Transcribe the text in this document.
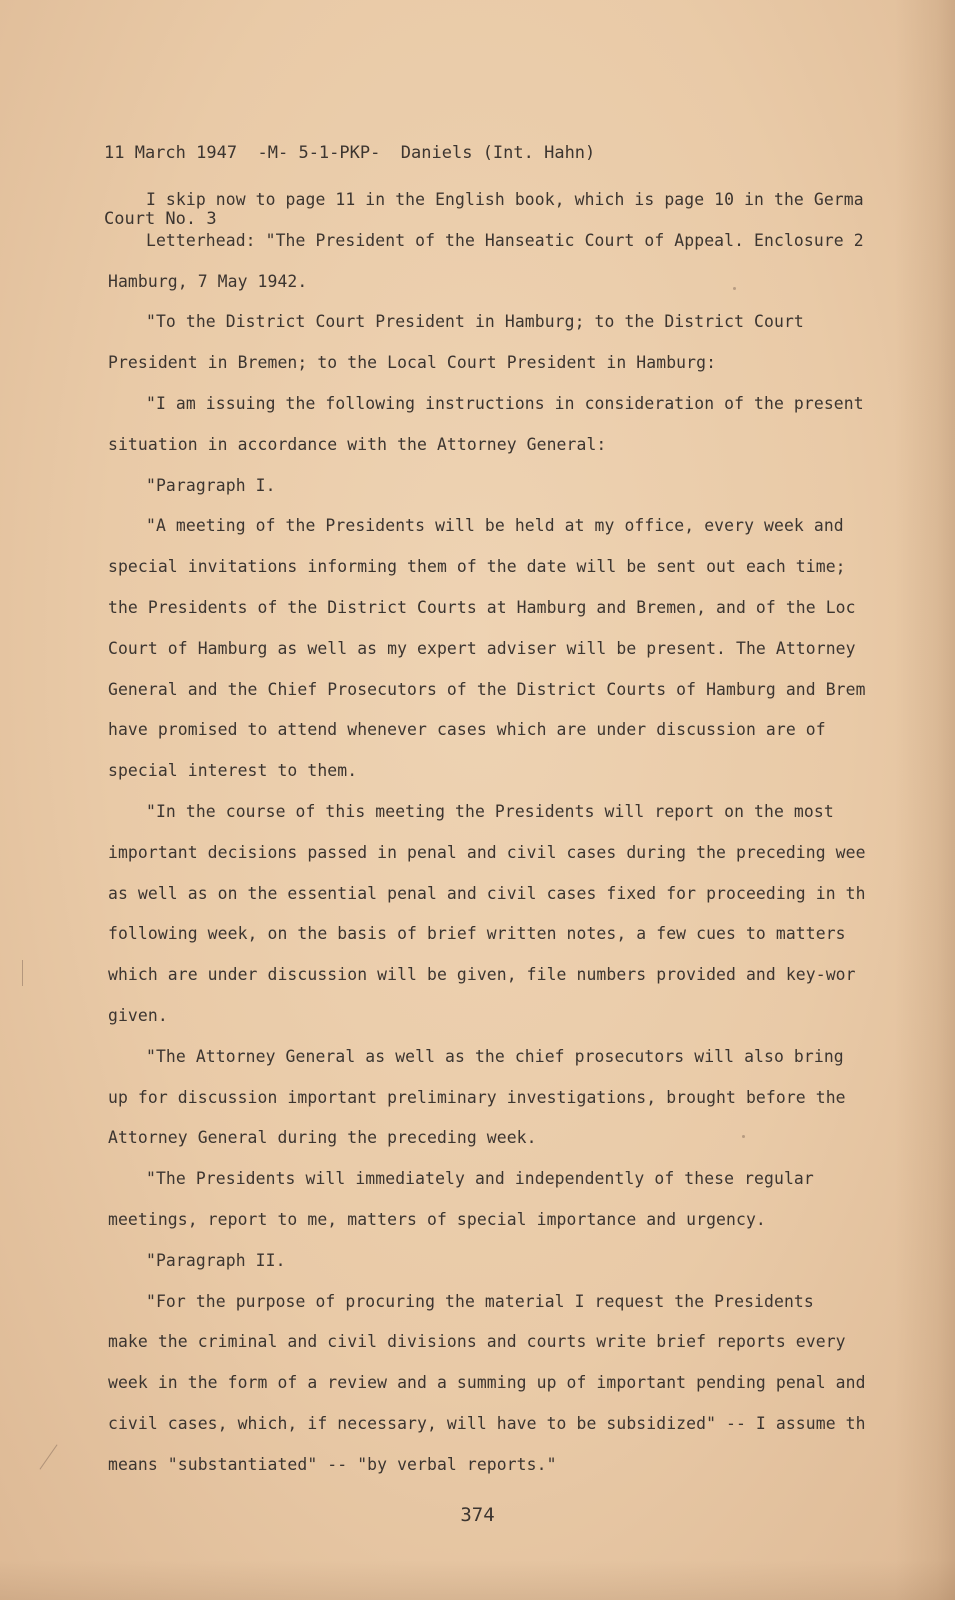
11 March 1947  -M- 5-1-PKP-  Daniels (Int. Hahn)

Court No. 3

I skip now to page 11 in the English book, which is page 10 in the Germa
Letterhead: "The President of the Hanseatic Court of Appeal. Enclosure 2
Hamburg, 7 May 1942.
"To the District Court President in Hamburg; to the District Court
President in Bremen; to the Local Court President in Hamburg:
"I am issuing the following instructions in consideration of the present
situation in accordance with the Attorney General:
"Paragraph I.
"A meeting of the Presidents will be held at my office, every week and
special invitations informing them of the date will be sent out each time;
the Presidents of the District Courts at Hamburg and Bremen, and of the Loc
Court of Hamburg as well as my expert adviser will be present. The Attorney
General and the Chief Prosecutors of the District Courts of Hamburg and Brem
have promised to attend whenever cases which are under discussion are of
special interest to them.
"In the course of this meeting the Presidents will report on the most
important decisions passed in penal and civil cases during the preceding wee
as well as on the essential penal and civil cases fixed for proceeding in th
following week, on the basis of brief written notes, a few cues to matters
which are under discussion will be given, file numbers provided and key-wor
given.
"The Attorney General as well as the chief prosecutors will also bring
up for discussion important preliminary investigations, brought before the
Attorney General during the preceding week.
"The Presidents will immediately and independently of these regular
meetings, report to me, matters of special importance and urgency.
"Paragraph II.
"For the purpose of procuring the material I request the Presidents
make the criminal and civil divisions and courts write brief reports every
week in the form of a review and a summing up of important pending penal and
civil cases, which, if necessary, will have to be subsidized" -- I assume th
means "substantiated" -- "by verbal reports."
374
